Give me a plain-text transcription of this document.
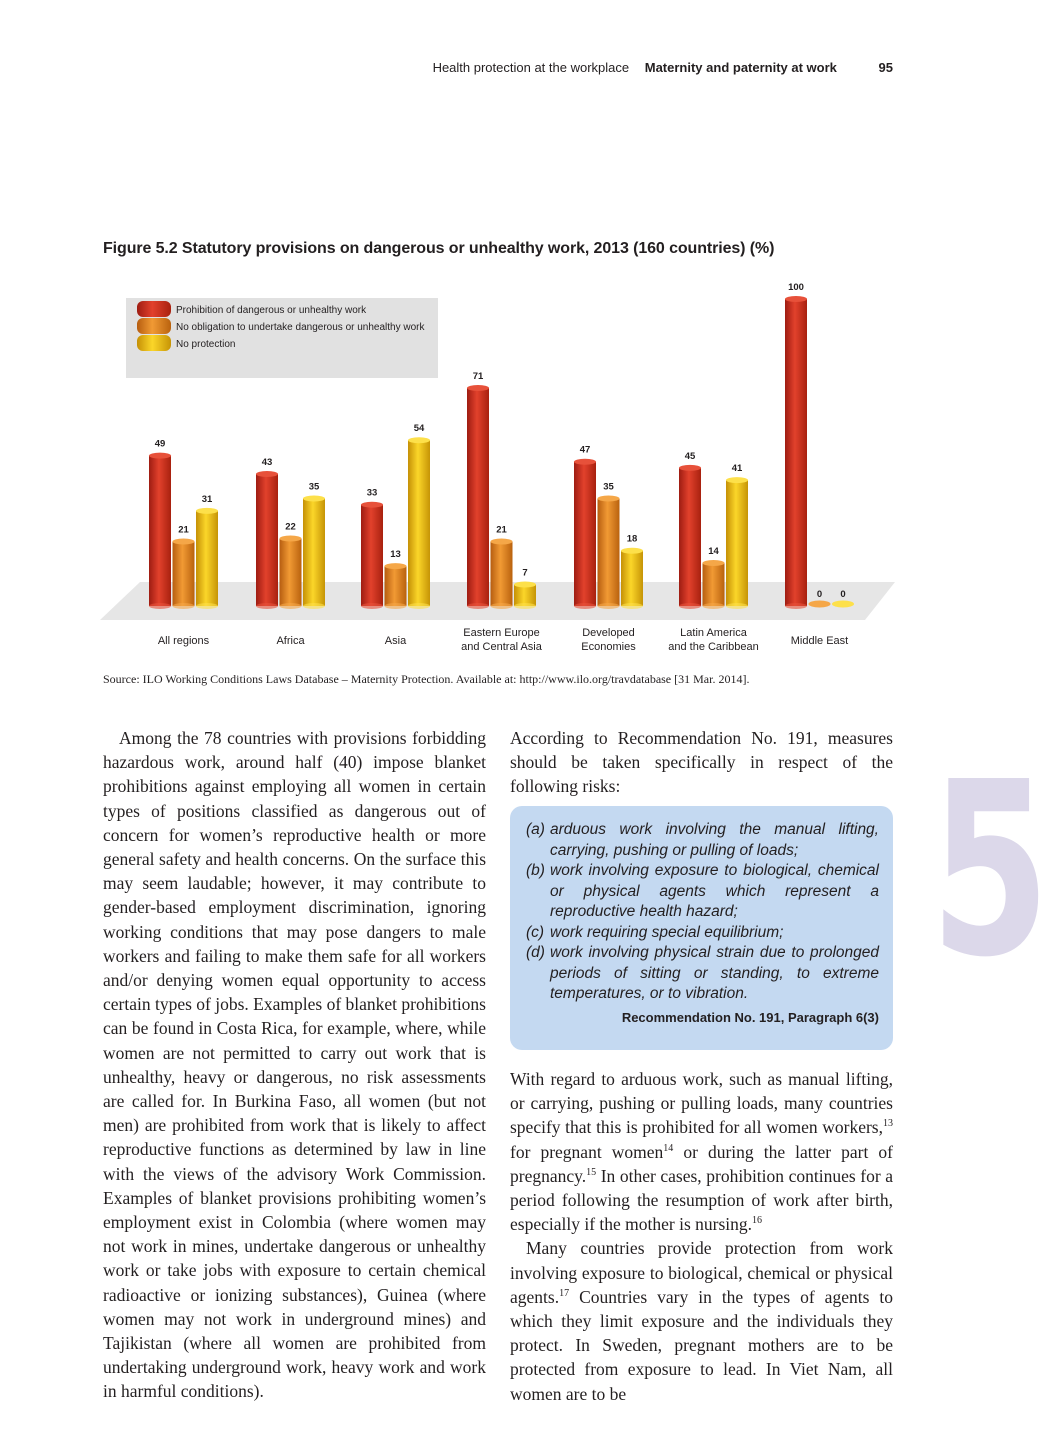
Health protection at the workplace Maternity and paternity at work	95
Figure 5.2 Statutory provisions on dangerous or unhealthy work, 2013 (160 countries) (%)
Prohibition of dangerous or unhealthy work
No obligation to undertake dangerous or unhealthy work
No protection
49
43
33
71
47
45
100
21	22
13
21
35
14
0
31
35
54
7
18
41
0
All regions	Africa	Asia
Eastern Europe and Central Asia
Developed Economies
Latin America and the Caribbean	Middle East
Source: ILO Working Conditions Laws Database – Maternity Protection. Available at: http://www.ilo.org/travdatabase [31 Mar. 2014].

Among the 78 countries with provisions forbidding hazardous work, around half (40) impose blanket prohibitions against employing all women in certain types of positions classified as dangerous out of concern for women’s reproductive health or more general safety and health concerns. On the surface this may seem laudable; however, it may contribute to gender-based employment discrimination, ignoring working conditions that may pose dangers to male workers and failing to make them safe for all workers and/or denying women equal opportunity to access certain types of jobs. Examples of blanket prohibitions can be found in Costa Rica, for example, where, while women are not permitted to carry out work that is unhealthy, heavy or dangerous, no risk assessments are called for. In Burkina Faso, all women (but not men) are prohibited from work that is likely to affect reproductive functions as determined by law in line with the views of the advisory Work Commission. Examples of blanket provisions prohibiting women’s employment exist in Colombia (where women may not work in mines, undertake dangerous or unhealthy work or take jobs with exposure to certain chemical radioactive or ionizing substances), Guinea (where women may not work in underground mines) and Tajikistan (where all women are prohibited from undertaking underground work, heavy work and work in harmful conditions).

According to Recommendation No. 191, measures should be taken specifically in respect of the following risks:

(a) arduous work involving the manual lifting, carrying, pushing or pulling of loads;
(b) work involving exposure to biological, chemical or physical agents which represent a reproductive health hazard;
(c) work requiring special equilibrium;
(d) work involving physical strain due to prolonged periods of sitting or standing, to extreme temperatures, or to vibration.
Recommendation No. 191, Paragraph 6(3)

With regard to arduous work, such as manual lifting, or carrying, pushing or pulling loads, many countries specify that this is prohibited for all women workers,$^{13}$ for pregnant women$^{14}$ or during the latter part of pregnancy.$^{15}$ In other cases, prohibition continues for a period following the resumption of work after birth, especially if the mother is nursing.$^{16}$

Many countries provide protection from work involving exposure to biological, chemical or physical agents.$^{17}$ Countries vary in the types of agents to which they limit exposure and the individuals they protect. In Sweden, pregnant mothers are to be protected from exposure to lead. In Viet Nam, all women are to be

5
